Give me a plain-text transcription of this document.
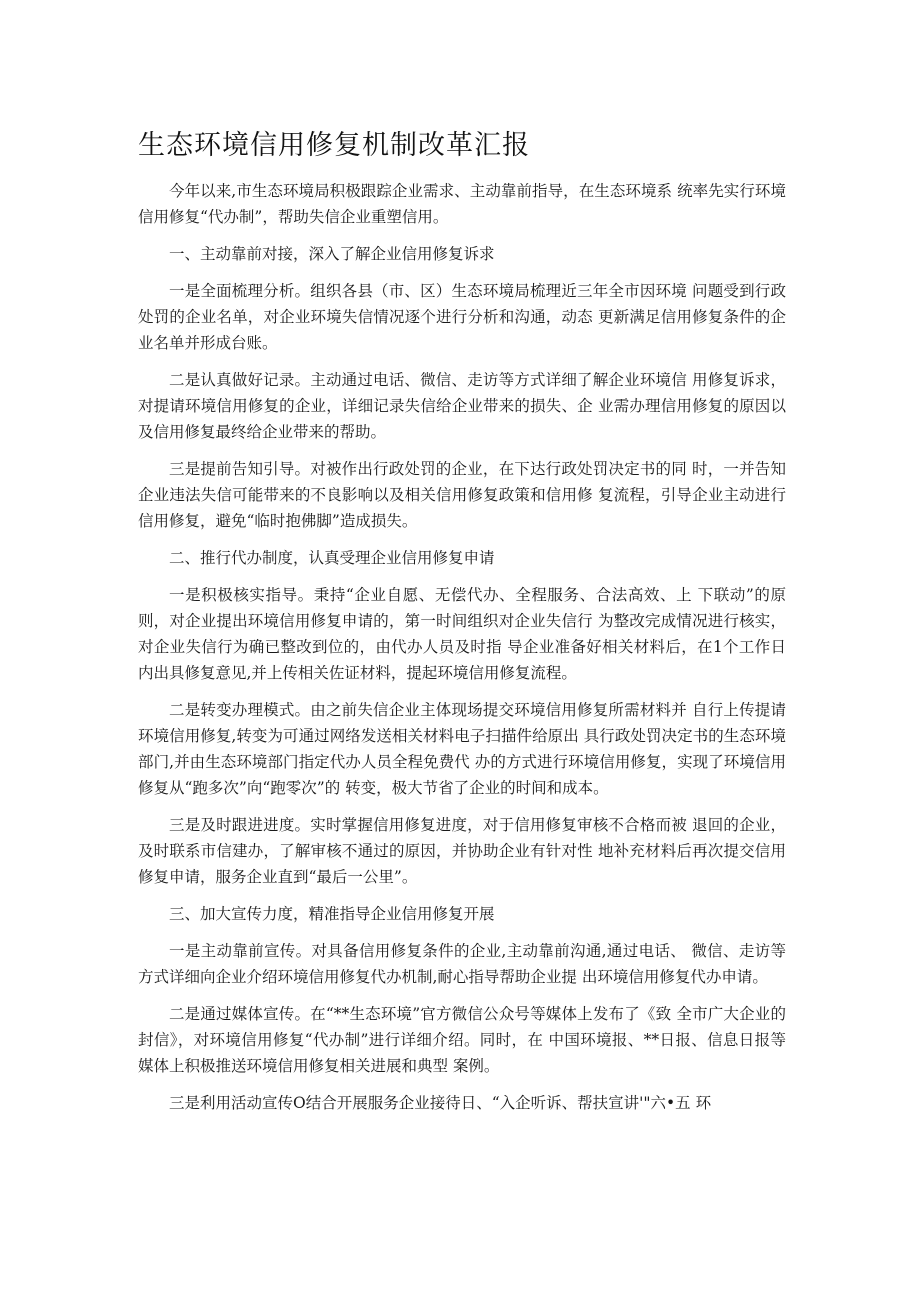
生态环境信用修复机制改革汇报

今年以来,市生态环境局积极跟踪企业需求、主动靠前指导，在生态环境系 统率先实行环境信用修复“代办制”，帮助失信企业重塑信用。

一、主动靠前对接，深入了解企业信用修复诉求

一是全面梳理分析。组织各县（市、区）生态环境局梳理近三年全市因环境 问题受到行政处罚的企业名单，对企业环境失信情况逐个进行分析和沟通，动态 更新满足信用修复条件的企业名单并形成台账。

二是认真做好记录。主动通过电话、微信、走访等方式详细了解企业环境信 用修复诉求，对提请环境信用修复的企业，详细记录失信给企业带来的损失、企 业需办理信用修复的原因以及信用修复最终给企业带来的帮助。

三是提前告知引导。对被作出行政处罚的企业，在下达行政处罚决定书的同 时，一并告知企业违法失信可能带来的不良影响以及相关信用修复政策和信用修 复流程，引导企业主动进行信用修复，避免“临时抱佛脚”造成损失。

二、推行代办制度，认真受理企业信用修复申请

一是积极核实指导。秉持“企业自愿、无偿代办、全程服务、合法高效、上 下联动”的原则，对企业提出环境信用修复申请的，第一时间组织对企业失信行 为整改完成情况进行核实，对企业失信行为确已整改到位的，由代办人员及时指 导企业准备好相关材料后，在1个工作日内出具修复意见,并上传相关佐证材料，提起环境信用修复流程。

二是转变办理模式。由之前失信企业主体现场提交环境信用修复所需材料并 自行上传提请环境信用修复,转变为可通过网络发送相关材料电子扫描件给原出 具行政处罚决定书的生态环境部门,并由生态环境部门指定代办人员全程免费代 办的方式进行环境信用修复，实现了环境信用修复从“跑多次”向“跑零次”的 转变，极大节省了企业的时间和成本。

三是及时跟进进度。实时掌握信用修复进度，对于信用修复审核不合格而被 退回的企业，及时联系市信建办，了解审核不通过的原因，并协助企业有针对性 地补充材料后再次提交信用修复申请，服务企业直到“最后一公里”。

三、加大宣传力度，精准指导企业信用修复开展

一是主动靠前宣传。对具备信用修复条件的企业,主动靠前沟通,通过电话、 微信、走访等方式详细向企业介绍环境信用修复代办机制,耐心指导帮助企业提 出环境信用修复代办申请。

二是通过媒体宣传。在“**生态环境”官方微信公众号等媒体上发布了《致 全市广大企业的 封信》，对环境信用修复“代办制”进行详细介绍。同时，在 中国环境报、**日报、信息日报等媒体上积极推送环境信用修复相关进展和典型 案例。

三是利用活动宣传O结合开展服务企业接待日、“入企听诉、帮扶宣讲'"六•五 环
